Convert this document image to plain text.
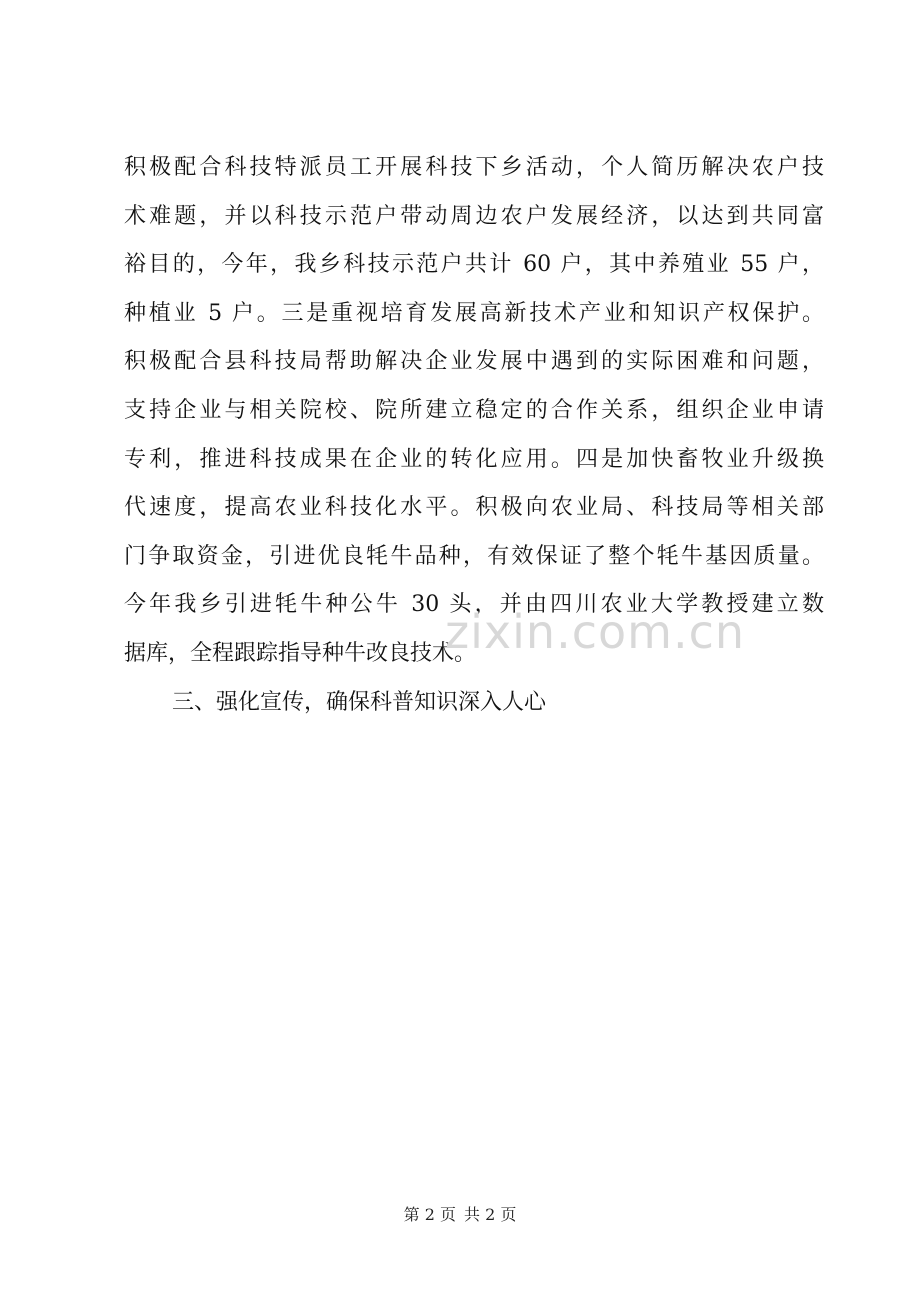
积极配合科技特派员工开展科技下乡活动，个人简历解决农户技
术难题，并以科技示范户带动周边农户发展经济，以达到共同富
裕目的，今年，我乡科技示范户共计 60 户，其中养殖业 55 户，
种植业 5 户。三是重视培育发展高新技术产业和知识产权保护。
积极配合县科技局帮助解决企业发展中遇到的实际困难和问题，
支持企业与相关院校、院所建立稳定的合作关系，组织企业申请
专利，推进科技成果在企业的转化应用。四是加快畜牧业升级换
代速度，提高农业科技化水平。积极向农业局、科技局等相关部
门争取资金，引进优良牦牛品种，有效保证了整个牦牛基因质量。
今年我乡引进牦牛种公牛 30 头，并由四川农业大学教授建立数
据库，全程跟踪指导种牛改良技术。
三、强化宣传，确保科普知识深入人心
zixin.com.cn
第 2 页 共 2 页
